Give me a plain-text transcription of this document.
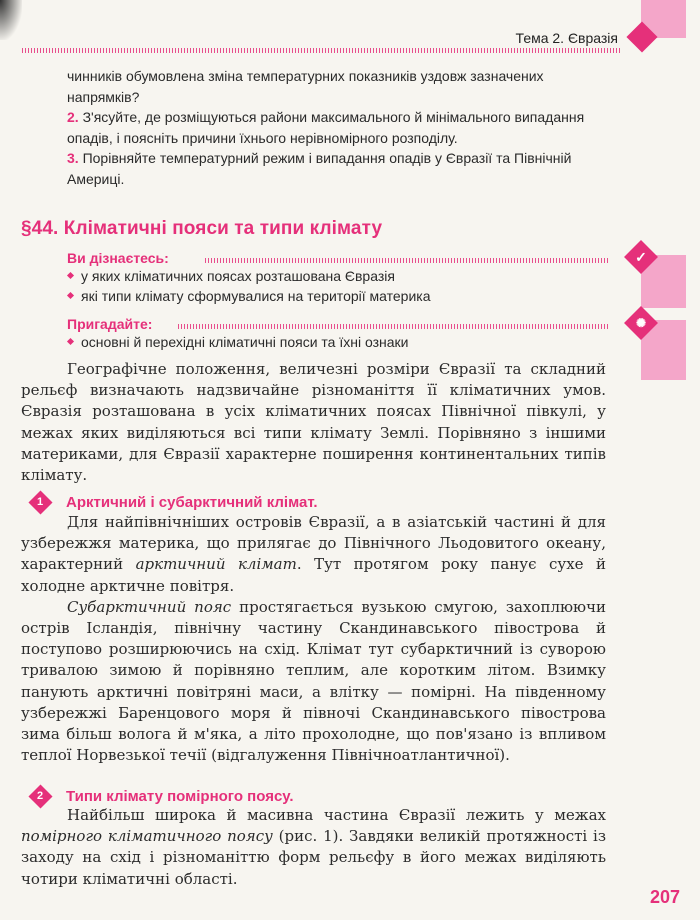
Тема 2. Євразія
чинників обумовлена зміна температурних показників уздовж зазначених напрямків?
2. З'ясуйте, де розміщуються райони максимального й мінімального випадання опадів, і поясніть причини їхнього нерівномірного розподілу.
3. Порівняйте температурний режим і випадання опадів у Євразії та Північній Америці.
§44. Кліматичні пояси та типи клімату
Ви дізнаєтесь:
у яких кліматичних поясах розташована Євразія
які типи клімату сформувалися на території материка
✓
Пригадайте:
основні й перехідні кліматичні пояси та їхні ознаки
✺

Географічне положення, величезні розміри Євразії та складний рельєф визначають надзвичайне різноманіття її кліматичних умов. Євразія розташована в усіх кліматичних поясах Північної півкулі, у межах яких виділяються всі типи клімату Землі. Порівняно з іншими материками, для Євразії характерне поширення континентальних типів клімату.

1 Арктичний і субарктичний клімат.

Для найпівнічніших островів Євразії, а в азіатській частині й для узбережжя материка, що прилягає до Північного Льодовитого океану, характерний арктичний клімат. Тут протягом року панує сухе й холодне арктичне повітря.

Субарктичний пояс простягається вузькою смугою, захоплюючи острів Ісландія, північну частину Скандинавського півострова й поступово розширюючись на схід. Клімат тут субарктичний із суворою тривалою зимою й порівняно теплим, але коротким літом. Взимку панують арктичні повітряні маси, а влітку — помірні. На південному узбережжі Баренцового моря й півночі Скандинавського півострова зима більш волога й м'яка, а літо прохолодне, що пов'язано із впливом теплої Норвезької течії (відгалуження Північноатлантичної).

2 Типи клімату помірного поясу.

Найбільш широка й масивна частина Євразії лежить у межах помірного кліматичного поясу (рис. 1). Завдяки великій протяжності із заходу на схід і різноманіттю форм рельєфу в його межах виділяють чотири кліматичні області.

207
